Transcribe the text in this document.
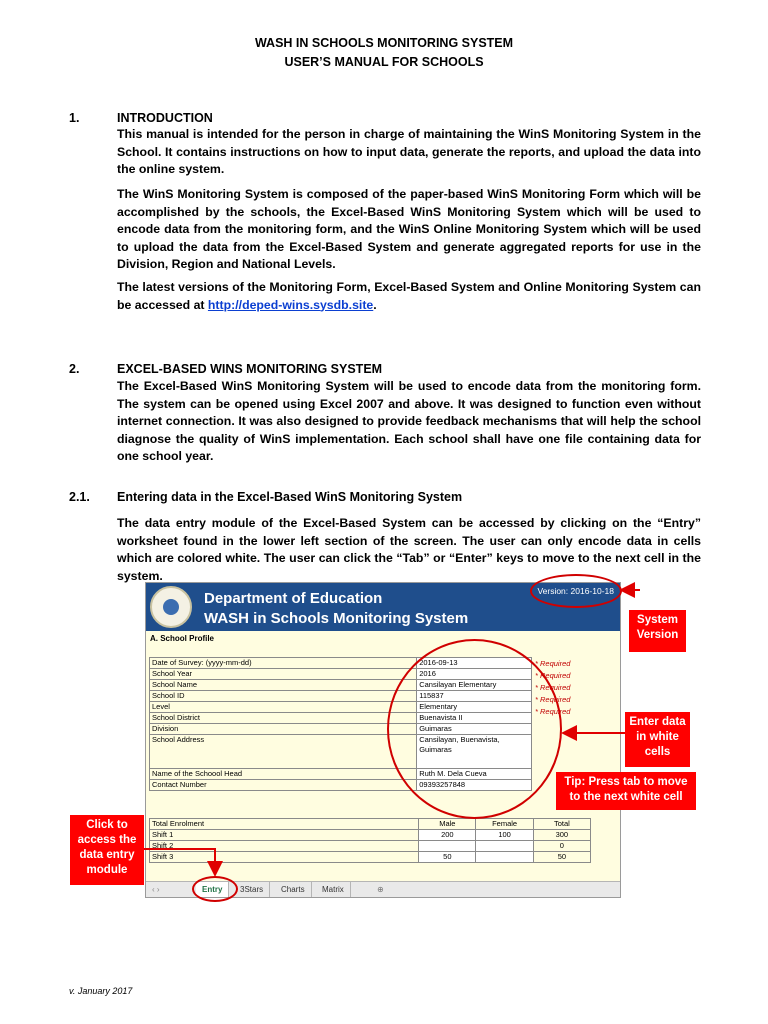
WASH IN SCHOOLS MONITORING SYSTEM
USER’S MANUAL FOR SCHOOLS
1.	INTRODUCTION
This manual is intended for the person in charge of maintaining the WinS Monitoring System in the School. It contains instructions on how to input data, generate the reports, and upload the data into the online system.
The WinS Monitoring System is composed of the paper-based WinS Monitoring Form which will be accomplished by the schools, the Excel-Based WinS Monitoring System which will be used to encode data from the monitoring form, and the WinS Online Monitoring System which will be used to upload the data from the Excel-Based System and generate aggregated reports for use in the Division, Region and National Levels.
The latest versions of the Monitoring Form, Excel-Based System and Online Monitoring System can be accessed at http://deped-wins.sysdb.site.
2.	EXCEL-BASED WINS MONITORING SYSTEM
The Excel-Based WinS Monitoring System will be used to encode data from the monitoring form. The system can be opened using Excel 2007 and above. It was designed to function even without internet connection. It was also designed to provide feedback mechanisms that will help the school diagnose the quality of WinS implementation. Each school shall have one file containing data for one school year.
2.1. Entering data in the Excel-Based WinS Monitoring System
The data entry module of the Excel-Based System can be accessed by clicking on the “Entry” worksheet found in the lower left section of the screen. The user can only encode data in cells which are colored white. The user can click the “Tab” or “Enter” keys to move to the next cell in the system.
Department of Education
WASH in Schools Monitoring System
Version: 2016-10-18
A. School Profile
Date of Survey: (yyyy-mm-dd)	2016-09-13
School Year	2016
School Name	Cansilayan Elementary
School ID	115837
Level	Elementary
School District	Buenavista II
Division	Guimaras
School Address	Cansilayan, Buenavista,
	Guimaras

Name of the Schoool Head	Ruth M. Dela Cueva
Contact Number	09393257848
* Required
* Required
* Required
* Required
* Required
Total Enrolment	Male	Female	Total
Shift 1	200	100	300
Shift 2			0
Shift 3	50		50
‹ ›	Entry	3Stars	Charts	Matrix	⊕
System Version
Enter data in white cells
Tip: Press tab to move to the next white cell
Click to access the data entry module
v. January 2017
